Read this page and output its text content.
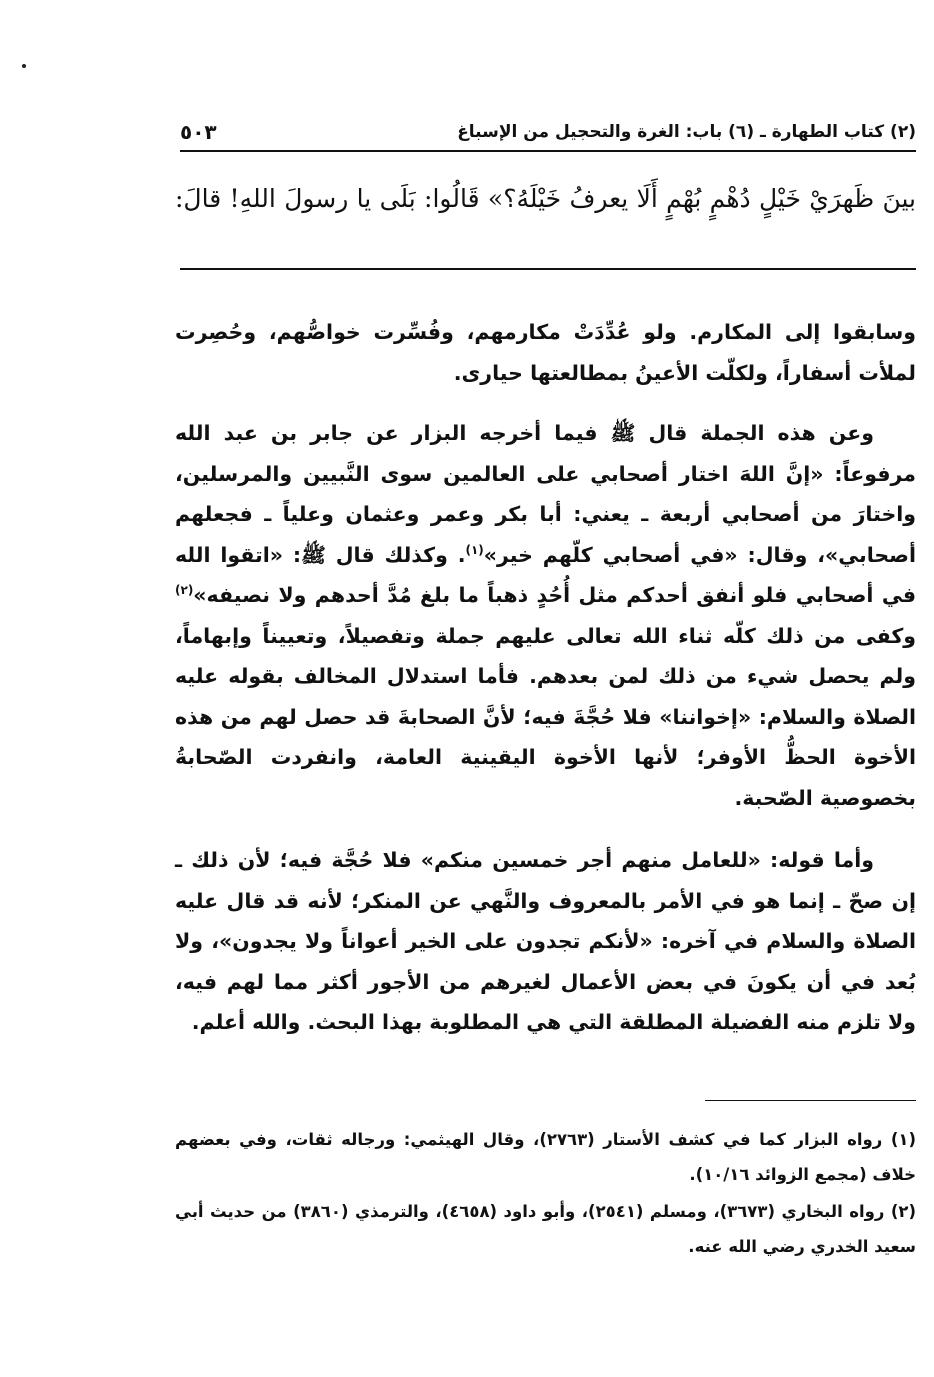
(٢) كتاب الطهارة ـ (٦) باب: الغرة والتحجيل من الإسباغ
٥٠٣
بينَ ظَهرَيْ خَيْلٍ دُهْمٍ بُهْمٍ أَلَا يعرفُ خَيْلَهُ؟» قَالُوا: بَلَى يا رسولَ اللهِ! قالَ:

وسابقوا إلى المكارم. ولو عُدِّدَتْ مكارمهم، وفُسِّرت خواصُّهم، وحُصِرت لملأت أسفاراً، ولكلّت الأعينُ بمطالعتها حيارى.

وعن هذه الجملة قال ﷺ فيما أخرجه البزار عن جابر بن عبد الله مرفوعاً: «إنَّ اللهَ اختار أصحابي على العالمين سوى النَّبيين والمرسلين، واختارَ من أصحابي أربعة ـ يعني: أبا بكر وعمر وعثمان وعلياً ـ فجعلهم أصحابي»، وقال: «في أصحابي كلّهم خير»$^{(١)}$. وكذلك قال ﷺ: «اتقوا الله في أصحابي فلو أنفق أحدكم مثل أُحُدٍ ذهباً ما بلغ مُدَّ أحدهم ولا نصيفه»$^{(٢)}$ وكفى من ذلك كلّه ثناء الله تعالى عليهم جملة وتفصيلاً، وتعييناً وإبهاماً، ولم يحصل شيء من ذلك لمن بعدهم. فأما استدلال المخالف بقوله عليه الصلاة والسلام: «إخواننا» فلا حُجَّةَ فيه؛ لأنَّ الصحابةَ قد حصل لهم من هذه الأخوة الحظُّ الأوفر؛ لأنها الأخوة اليقينية العامة، وانفردت الصّحابةُ بخصوصية الصّحبة.

وأما قوله: «للعامل منهم أجر خمسين منكم» فلا حُجَّة فيه؛ لأن ذلك ـ إن صحّ ـ إنما هو في الأمر بالمعروف والنَّهي عن المنكر؛ لأنه قد قال عليه الصلاة والسلام في آخره: «لأنكم تجدون على الخير أعواناً ولا يجدون»، ولا بُعد في أن يكونَ في بعض الأعمال لغيرهم من الأجور أكثر مما لهم فيه، ولا تلزم منه الفضيلة المطلقة التي هي المطلوبة بهذا البحث. والله أعلم.

(١) رواه البزار كما في كشف الأستار (٢٧٦٣)، وقال الهيثمي: ورجاله ثقات، وفي بعضهم خلاف (مجمع الزوائد ١٠/١٦).

(٢) رواه البخاري (٣٦٧٣)، ومسلم (٢٥٤١)، وأبو داود (٤٦٥٨)، والترمذي (٣٨٦٠) من حديث أبي سعيد الخدري رضي الله عنه.
